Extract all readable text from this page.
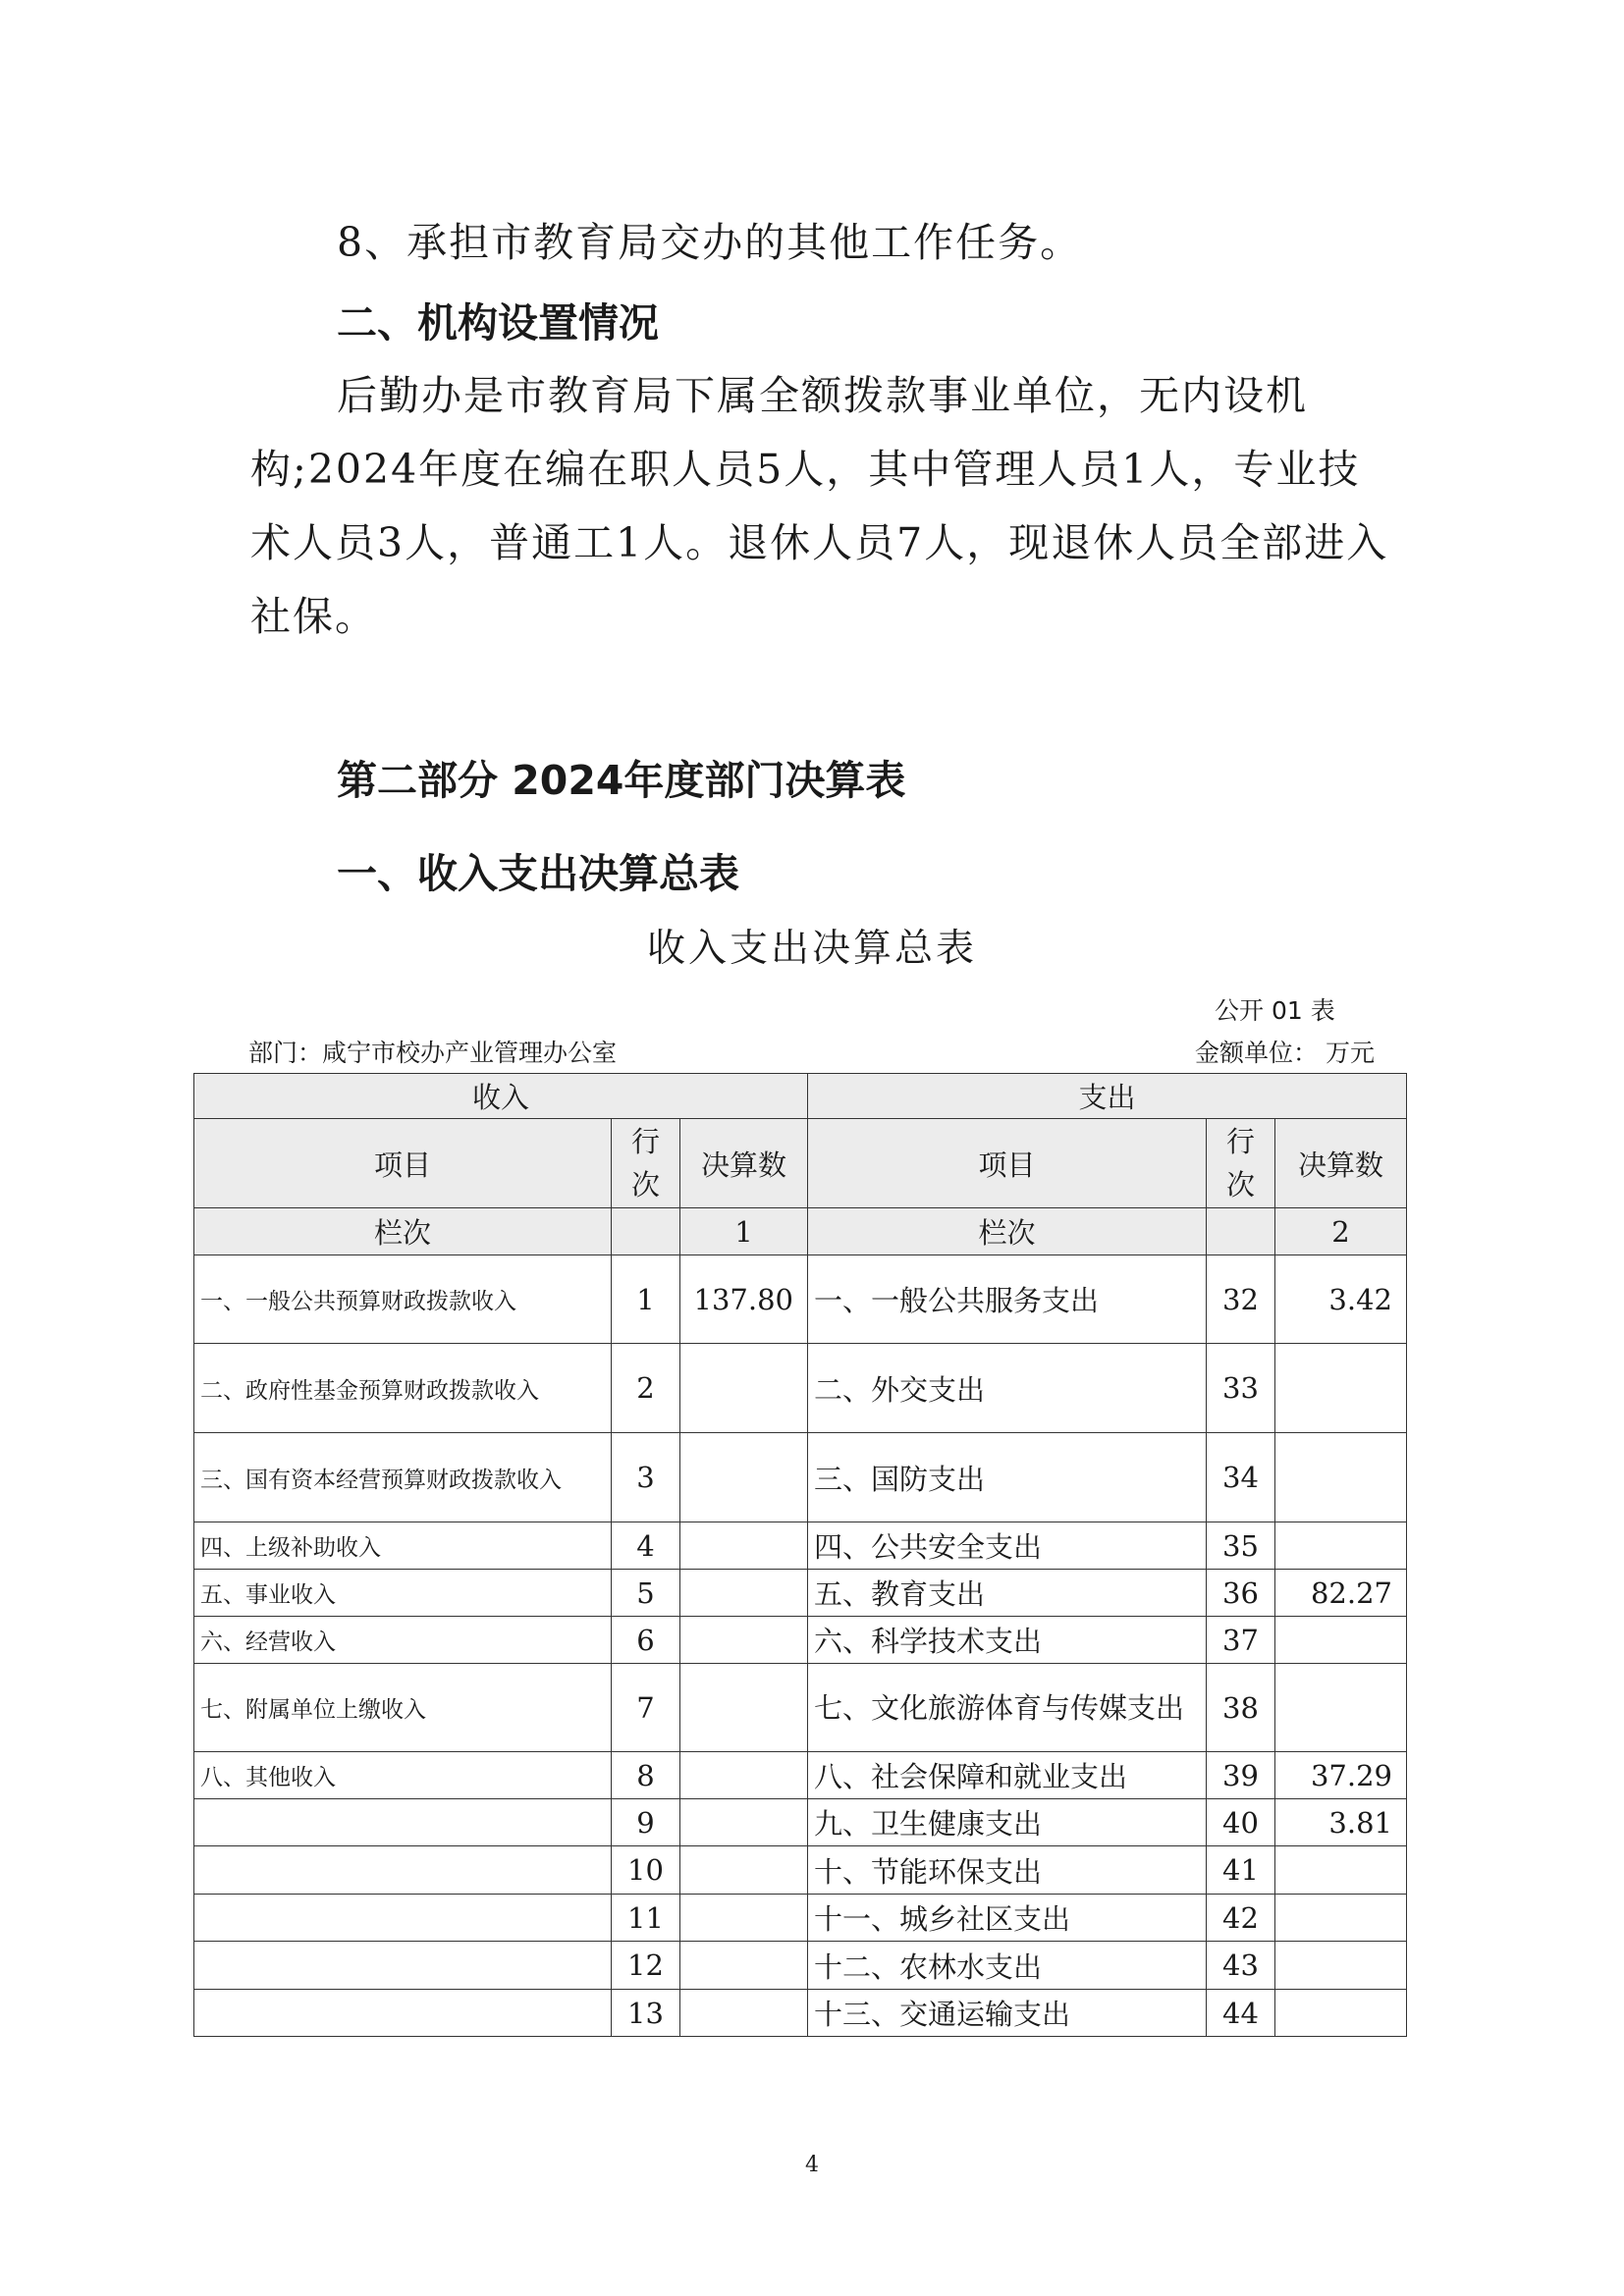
8、承担市教育局交办的其他工作任务。

二、机构设置情况

后勤办是市教育局下属全额拨款事业单位，无内设机构;2024年度在编在职人员5人，其中管理人员1人，专业技术人员3人，普通工1人。退休人员7人，现退休人员全部进入社保。

第二部分 2024年度部门决算表
一、收入支出决算总表
收入支出决算总表
公开 01 表
部门：咸宁市校办产业管理办公室	金额单位： 万元
收入			支出		
项目	行次	决算数	项目	行次	决算数
栏次		1	栏次		2
一、一般公共预算财政拨款收入	1	137.80	一、一般公共服务支出	32	3.42
二、政府性基金预算财政拨款收入	2		二、外交支出	33	
三、国有资本经营预算财政拨款收入	3		三、国防支出	34	
四、上级补助收入	4		四、公共安全支出	35	
五、事业收入	5		五、教育支出	36	82.27
六、经营收入	6		六、科学技术支出	37	
七、附属单位上缴收入	7		七、文化旅游体育与传媒支出	38	
八、其他收入	8		八、社会保障和就业支出	39	37.29
	9		九、卫生健康支出	40	3.81
	10		十、节能环保支出	41	
	11		十一、城乡社区支出	42	
	12		十二、农林水支出	43	
	13		十三、交通运输支出	44	
4
